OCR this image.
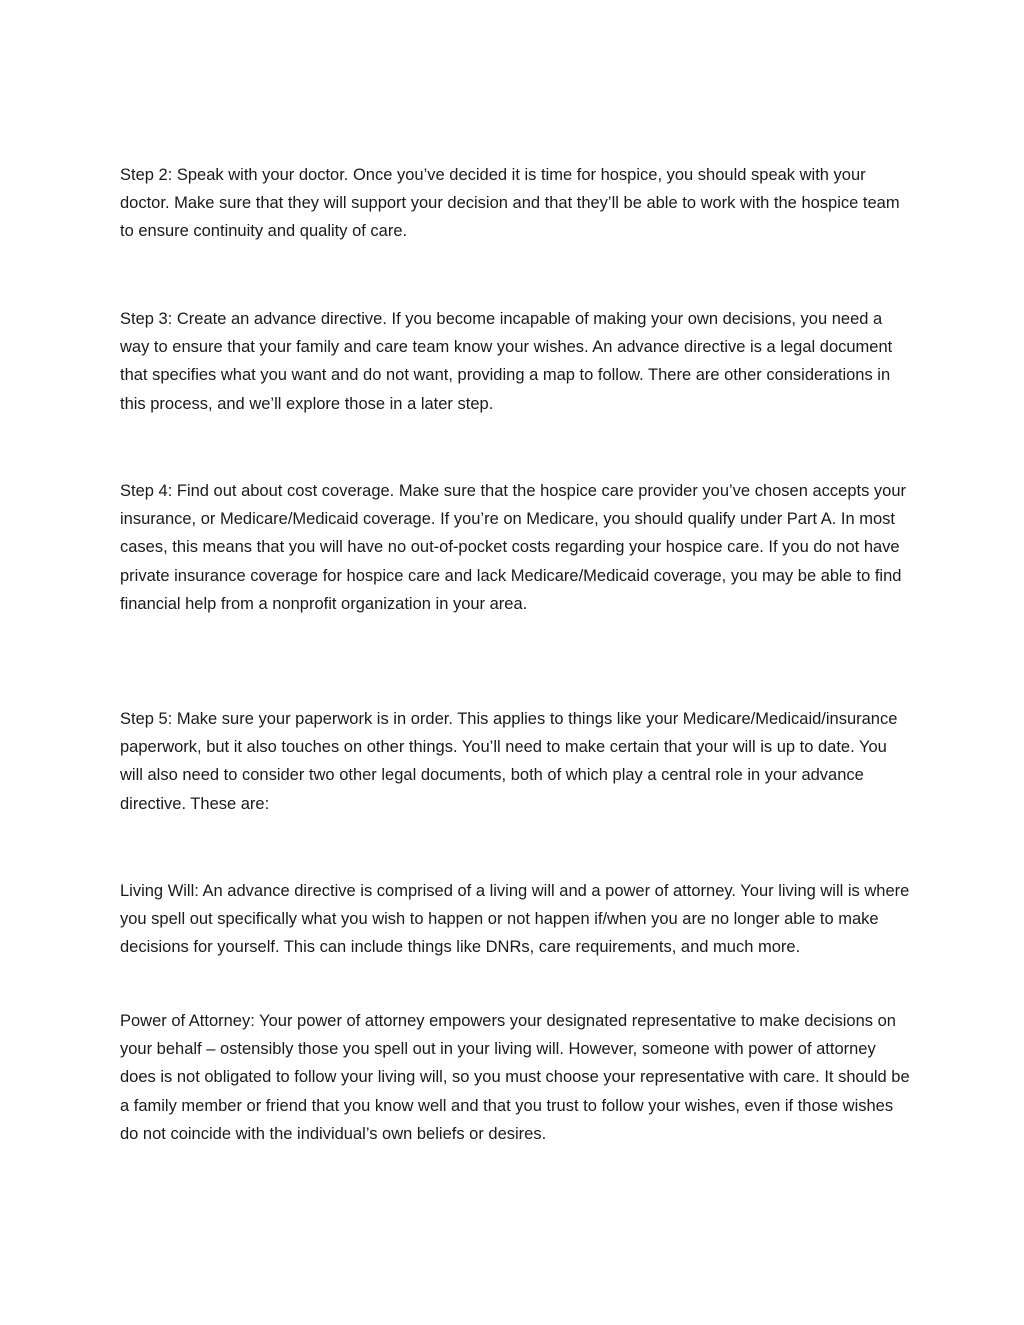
Step 2: Speak with your doctor. Once you’ve decided it is time for hospice, you should speak with your doctor. Make sure that they will support your decision and that they’ll be able to work with the hospice team to ensure continuity and quality of care.

Step 3: Create an advance directive. If you become incapable of making your own decisions, you need a way to ensure that your family and care team know your wishes. An advance directive is a legal document that specifies what you want and do not want, providing a map to follow. There are other considerations in this process, and we’ll explore those in a later step.

Step 4: Find out about cost coverage. Make sure that the hospice care provider you’ve chosen accepts your insurance, or Medicare/Medicaid coverage. If you’re on Medicare, you should qualify under Part A. In most cases, this means that you will have no out-of-pocket costs regarding your hospice care. If you do not have private insurance coverage for hospice care and lack Medicare/Medicaid coverage, you may be able to find financial help from a nonprofit organization in your area.

Step 5: Make sure your paperwork is in order. This applies to things like your Medicare/Medicaid/insurance paperwork, but it also touches on other things. You’ll need to make certain that your will is up to date. You will also need to consider two other legal documents, both of which play a central role in your advance directive. These are:

Living Will: An advance directive is comprised of a living will and a power of attorney. Your living will is where you spell out specifically what you wish to happen or not happen if/when you are no longer able to make decisions for yourself. This can include things like DNRs, care requirements, and much more.

Power of Attorney: Your power of attorney empowers your designated representative to make decisions on your behalf – ostensibly those you spell out in your living will. However, someone with power of attorney does is not obligated to follow your living will, so you must choose your representative with care. It should be a family member or friend that you know well and that you trust to follow your wishes, even if those wishes do not coincide with the individual’s own beliefs or desires.
